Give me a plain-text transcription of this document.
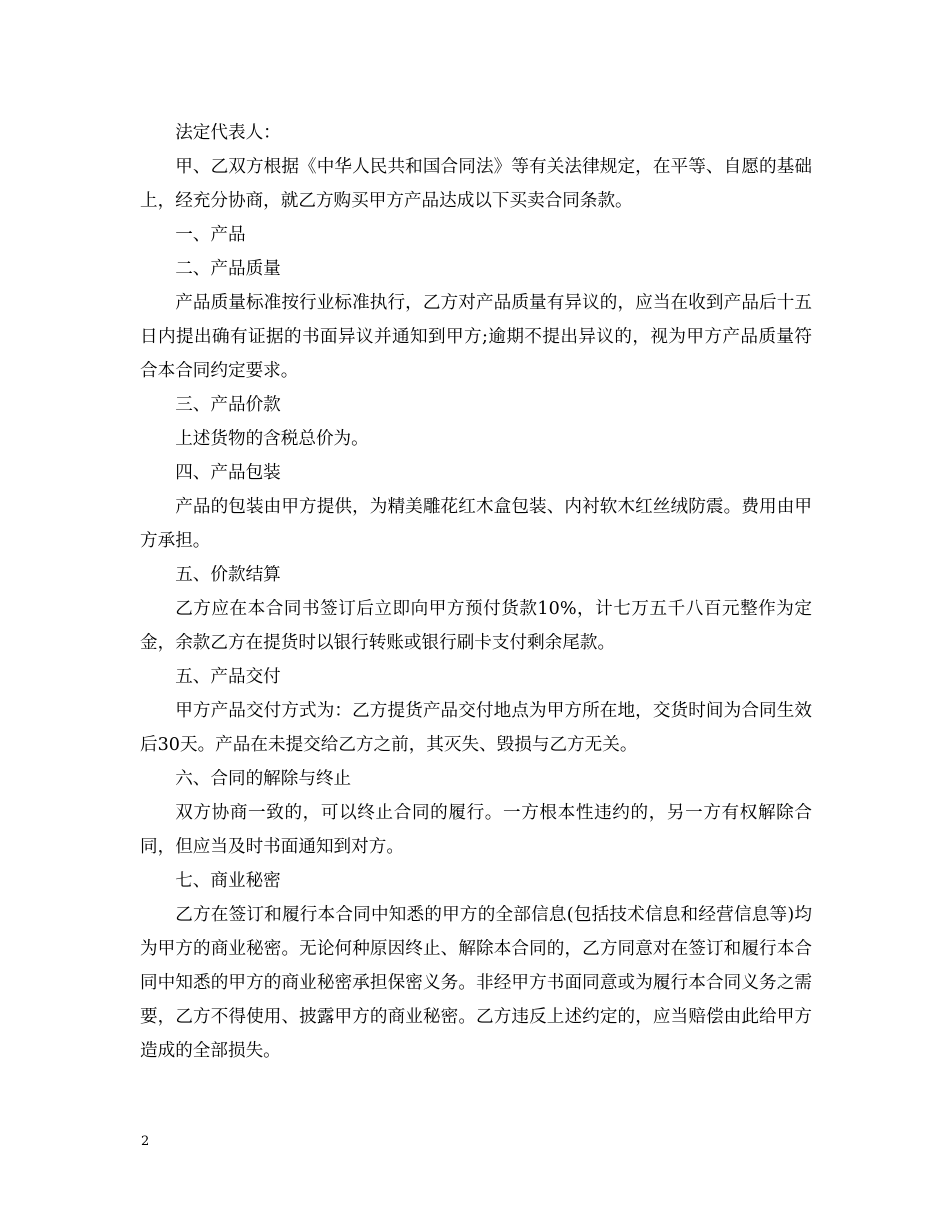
法定代表人：

甲、乙双方根据《中华人民共和国合同法》等有关法律规定，在平等、自愿的基础上，经充分协商，就乙方购买甲方产品达成以下买卖合同条款。

一、产品

二、产品质量

产品质量标准按行业标准执行，乙方对产品质量有异议的，应当在收到产品后十五日内提出确有证据的书面异议并通知到甲方;逾期不提出异议的，视为甲方产品质量符合本合同约定要求。

三、产品价款

上述货物的含税总价为。

四、产品包装

产品的包装由甲方提供，为精美雕花红木盒包装、内衬软木红丝绒防震。费用由甲方承担。

五、价款结算

乙方应在本合同书签订后立即向甲方预付货款10%，计七万五千八百元整作为定金，余款乙方在提货时以银行转账或银行刷卡支付剩余尾款。

五、产品交付

甲方产品交付方式为：乙方提货产品交付地点为甲方所在地，交货时间为合同生效后30天。产品在未提交给乙方之前，其灭失、毁损与乙方无关。

六、合同的解除与终止

双方协商一致的，可以终止合同的履行。一方根本性违约的，另一方有权解除合同，但应当及时书面通知到对方。

七、商业秘密

乙方在签订和履行本合同中知悉的甲方的全部信息(包括技术信息和经营信息等)均为甲方的商业秘密。无论何种原因终止、解除本合同的，乙方同意对在签订和履行本合同中知悉的甲方的商业秘密承担保密义务。非经甲方书面同意或为履行本合同义务之需要，乙方不得使用、披露甲方的商业秘密。乙方违反上述约定的，应当赔偿由此给甲方造成的全部损失。

2
